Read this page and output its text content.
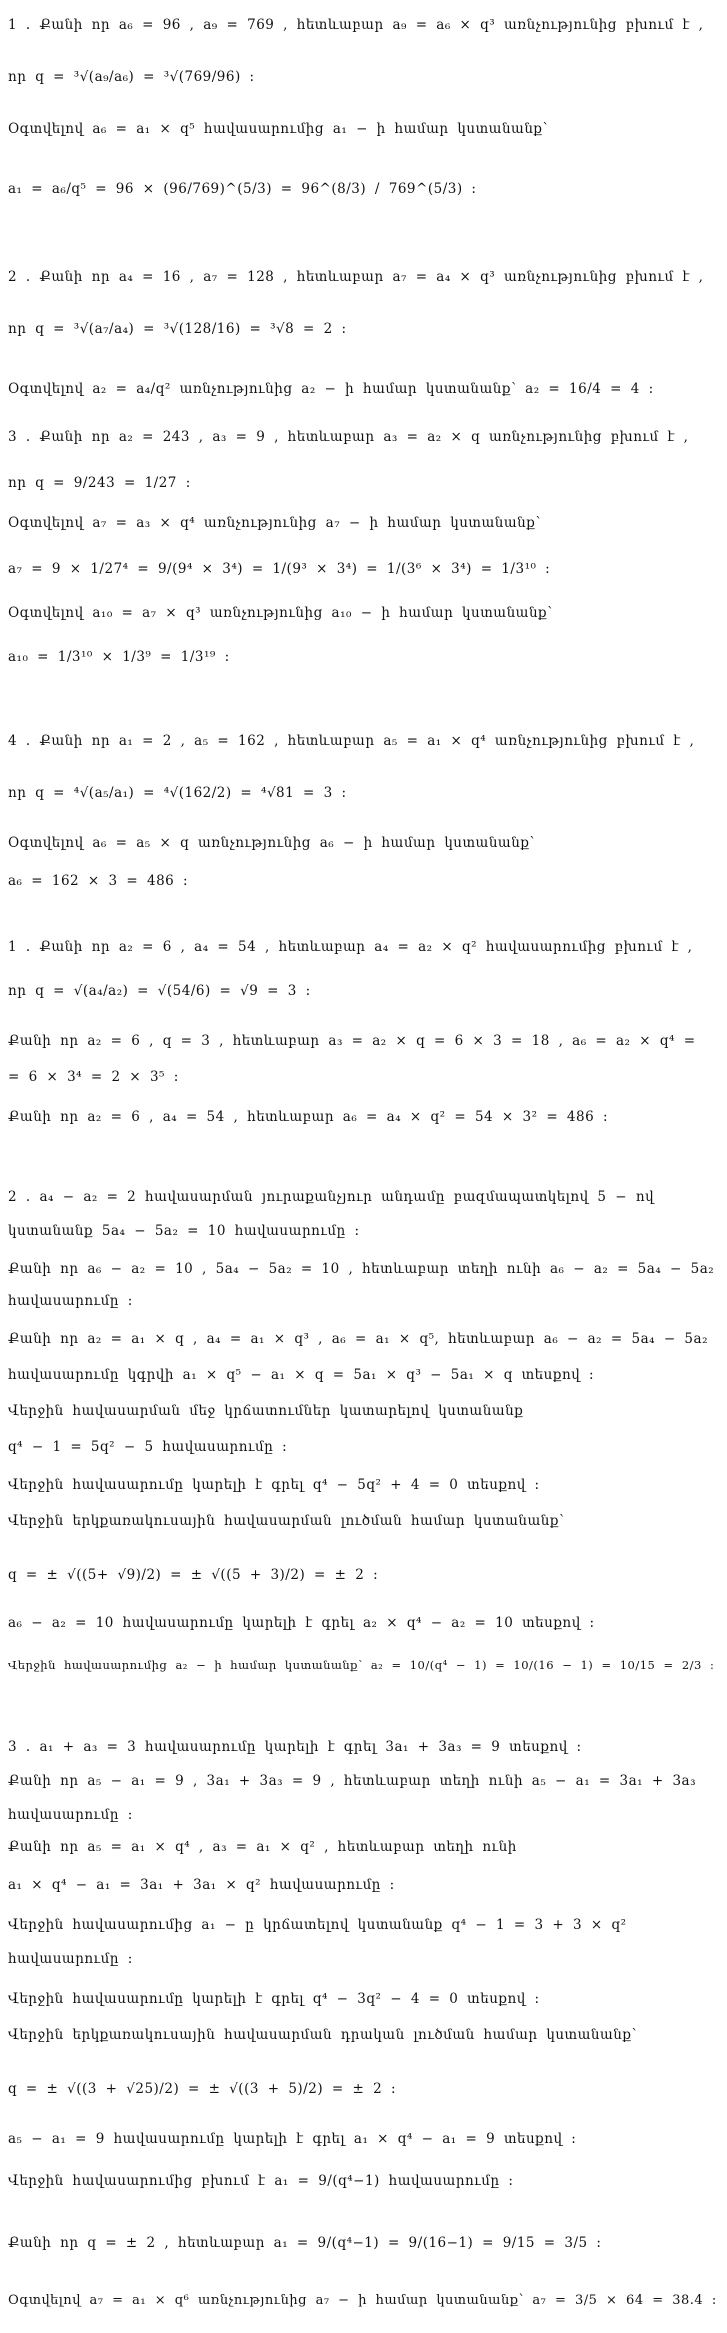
1 . Քանի որ a₆ = 96 , a₉ = 769 , հետևաբար a₉ = a₆ × q³ առնչությունից բխում է ,
որ q = ³√(a₉/a₆) = ³√(769/96) :
Օգտվելով a₆ = a₁ × q⁵ հավասարումից a₁ − ի համար կստանանք՝
a₁ = a₆/q⁵ = 96 × (96/769)^(5/3) = 96^(8/3) / 769^(5/3) :
2 . Քանի որ a₄ = 16 , a₇ = 128 , հետևաբար a₇ = a₄ × q³ առնչությունից բխում է ,
որ q = ³√(a₇/a₄) = ³√(128/16) = ³√8 = 2 :
Օգտվելով a₂ = a₄/q² առնչությունից a₂ − ի համար կստանանք՝ a₂ = 16/4 = 4 :
3 . Քանի որ a₂ = 243 , a₃ = 9 , հետևաբար a₃ = a₂ × q առնչությունից բխում է ,
որ q = 9/243 = 1/27 :
Օգտվելով a₇ = a₃ × q⁴ առնչությունից a₇ − ի համար կստանանք՝
a₇ = 9 × 1/27⁴ = 9/(9⁴ × 3⁴) = 1/(9³ × 3⁴) = 1/(3⁶ × 3⁴) = 1/3¹⁰ :
Օգտվելով a₁₀ = a₇ × q³ առնչությունից a₁₀ − ի համար կստանանք՝
a₁₀ = 1/3¹⁰ × 1/3⁹ = 1/3¹⁹ :
4 . Քանի որ a₁ = 2 , a₅ = 162 , հետևաբար a₅ = a₁ × q⁴ առնչությունից բխում է ,
որ q = ⁴√(a₅/a₁) = ⁴√(162/2) = ⁴√81 = 3 :
Օգտվելով a₆ = a₅ × q առնչությունից a₆ − ի համար կստանանք՝
a₆ = 162 × 3 = 486 :
1 . Քանի որ a₂ = 6 , a₄ = 54 , հետևաբար a₄ = a₂ × q² հավասարումից բխում է ,
որ q = √(a₄/a₂) = √(54/6) = √9 = 3 :
Քանի որ a₂ = 6 , q = 3 , հետևաբար a₃ = a₂ × q = 6 × 3 = 18 , a₆ = a₂ × q⁴ =
= 6 × 3⁴ = 2 × 3⁵ :
Քանի որ a₂ = 6 , a₄ = 54 , հետևաբար a₆ = a₄ × q² = 54 × 3² = 486 :
2 . a₄ − a₂ = 2 հավասարման յուրաքանչյուր անդամը բազմապատկելով 5 − ով
կստանանք 5a₄ − 5a₂ = 10 հավասարումը :
Քանի որ a₆ − a₂ = 10 , 5a₄ − 5a₂ = 10 , հետևաբար տեղի ունի a₆ − a₂ = 5a₄ − 5a₂
հավասարումը :
Քանի որ a₂ = a₁ × q , a₄ = a₁ × q³ , a₆ = a₁ × q⁵, հետևաբար a₆ − a₂ = 5a₄ − 5a₂
հավասարումը կգրվի a₁ × q⁵ − a₁ × q = 5a₁ × q³ − 5a₁ × q տեսքով :
Վերջին հավասարման մեջ կրճատումներ կատարելով կստանանք
q⁴ − 1 = 5q² − 5 հավասարումը :
Վերջին հավասարումը կարելի է գրել q⁴ − 5q² + 4 = 0 տեսքով :
Վերջին երկքառակուսային հավասարման լուծման համար կստանանք՝
q = ± √((5+ √9)/2) = ± √((5 + 3)/2) = ± 2 :
a₆ − a₂ = 10 հավասարումը կարելի է գրել a₂ × q⁴ − a₂ = 10 տեսքով :
Վերջին հավասարումից a₂ − ի համար կստանանք՝ a₂ = 10/(q⁴ − 1) = 10/(16 − 1) = 10/15 = 2/3 :
3 . a₁ + a₃ = 3 հավասարումը կարելի է գրել 3a₁ + 3a₃ = 9 տեսքով :
Քանի որ a₅ − a₁ = 9 , 3a₁ + 3a₃ = 9 , հետևաբար տեղի ունի a₅ − a₁ = 3a₁ + 3a₃
հավասարումը :
Քանի որ a₅ = a₁ × q⁴ , a₃ = a₁ × q² , հետևաբար տեղի ունի
a₁ × q⁴ − a₁ = 3a₁ + 3a₁ × q² հավասարումը :
Վերջին հավասարումից a₁ − ը կրճատելով կստանանք q⁴ − 1 = 3 + 3 × q²
հավասարումը :
Վերջին հավասարումը կարելի է գրել q⁴ − 3q² − 4 = 0 տեսքով :
Վերջին երկքառակուսային հավասարման դրական լուծման համար կստանանք՝
q = ± √((3 + √25)/2) = ± √((3 + 5)/2) = ± 2 :
a₅ − a₁ = 9 հավասարումը կարելի է գրել a₁ × q⁴ − a₁ = 9 տեսքով :
Վերջին հավասարումից բխում է a₁ = 9/(q⁴−1) հավասարումը :
Քանի որ q = ± 2 , հետևաբար a₁ = 9/(q⁴−1) = 9/(16−1) = 9/15 = 3/5 :
Օգտվելով a₇ = a₁ × q⁶ առնչությունից a₇ − ի համար կստանանք՝ a₇ = 3/5 × 64 = 38.4 :
